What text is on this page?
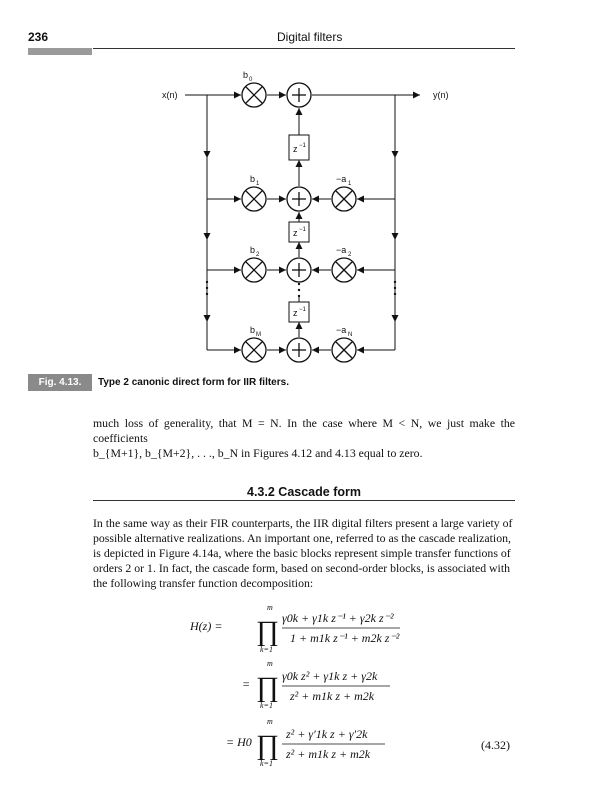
236	Digital filters
z −1
z −1
z −1
x(n)	y(n)
b 0
b 1
b 2
b M
−a 1
−a 2
−a N
Fig. 4.13.	Type 2 canonic direct form for IIR filters.
much loss of generality, that M = N. In the case where M < N, we just make the coefficients
b_{M+1}, b_{M+2}, . . ., b_N in Figures 4.12 and 4.13 equal to zero.
4.3.2 Cascade form
In the same way as their FIR counterparts, the IIR digital filters present a large variety of
possible alternative realizations. An important one, referred to as the cascade realization,
is depicted in Figure 4.14a, where the basic blocks represent simple transfer functions of
orders 2 or 1. In fact, the cascade form, based on second-order blocks, is associated with
the following transfer function decomposition:
H(z) =
m
∏
k=1
γ0k + γ1k z⁻¹ + γ2k z⁻²
1 + m1k z⁻¹ + m2k z⁻²
=
m
∏
k=1
γ0k z² + γ1k z + γ2k
z² + m1k z + m2k
= H0
m
∏
k=1
z² + γ′1k z + γ′2k
z² + m1k z + m2k
(4.32)
